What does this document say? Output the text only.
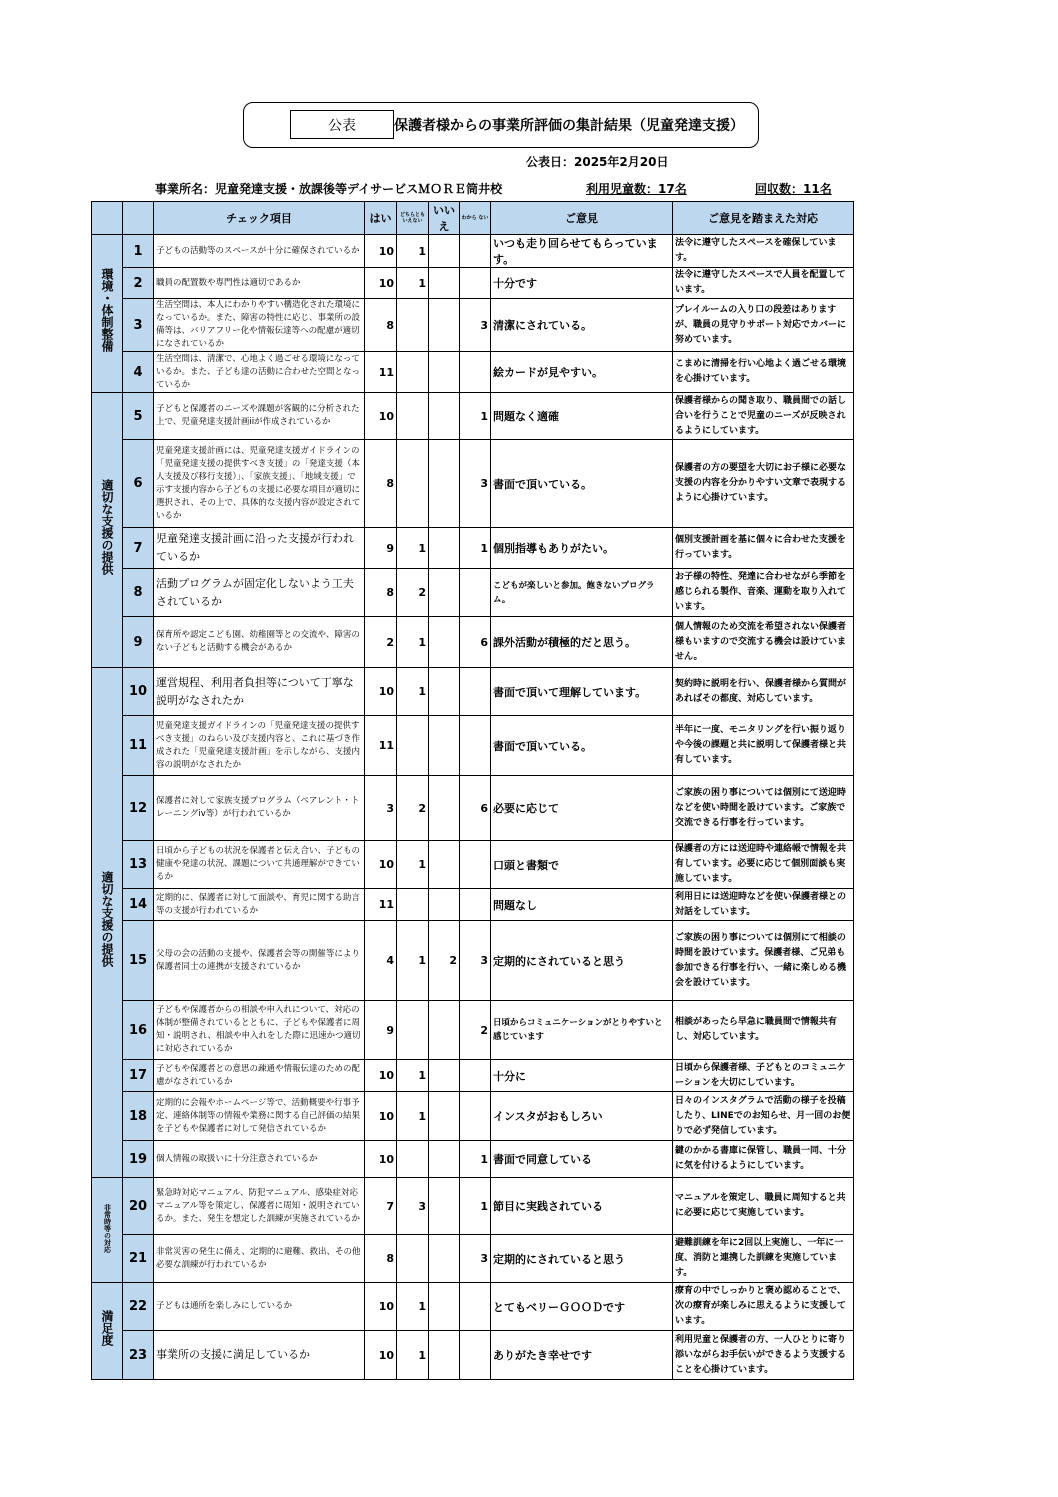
公表	保護者様からの事業所評価の集計結果（児童発達支援）
公表日：2025年2月20日
事業所名：児童発達支援・放課後等デイサービスＭＯＲＥ筒井校	利用児童数：17名	回収数：11名
		チェック項目	はい	どちらとも いえない	いいえ	わから ない	ご意見	ご意見を踏まえた対応
環境・体制整備	1	子どもの活動等のスペースが十分に確保されているか	10	1			いつも走り回らせてもらっています。	法令に遵守したスペースを確保しています。
	2	職員の配置数や専門性は適切であるか	10	1			十分です	法令に遵守したスペースで人員を配置しています。
	3	生活空間は、本人にわかりやすい構造化された環境になっているか。また、障害の特性に応じ、事業所の設備等は、バリアフリー化や情報伝達等への配慮が適切になされているか	8			3	清潔にされている。	プレイルームの入り口の段差はありますが、職員の見守りサポート対応でカバーに努めています。
	4	生活空間は、清潔で、心地よく過ごせる環境になっているか。また、子ども達の活動に合わせた空間となっているか	11				絵カードが見やすい。	こまめに清掃を行い心地よく過ごせる環境を心掛けています。
適切な支援の提供	5	子どもと保護者のニーズや課題が客観的に分析された上で、児童発達支援計画iiが作成されているか	10			1	問題なく適確	保護者様からの聞き取り、職員間での話し合いを行うことで児童のニーズが反映されるようにしています。
	6	児童発達支援計画には、児童発達支援ガイドラインの「児童発達支援の提供すべき支援」の「発達支援（本人支援及び移行支援）」、「家族支援」、「地域支援」で示す支援内容から子どもの支援に必要な項目が適切に選択され、その上で、具体的な支援内容が設定されているか	8			3	書面で頂いている。	保護者の方の要望を大切にお子様に必要な支援の内容を分かりやすい文章で表現するように心掛けています。
	7	児童発達支援計画に沿った支援が行われているか	9	1		1	個別指導もありがたい。	個別支援計画を基に個々に合わせた支援を行っています。
	8	活動プログラムが固定化しないよう工夫されているか	8	2			こどもが楽しいと参加。飽きないプログラム。	お子様の特性、発達に合わせながら季節を感じられる製作、音楽、運動を取り入れています。
	9	保育所や認定こども園、幼稚園等との交流や、障害のない子どもと活動する機会があるか	2	1		6	課外活動が積極的だと思う。	個人情報のため交流を希望されない保護者様もいますので交流する機会は設けていません。
適切な支援の提供	10	運営規程、利用者負担等について丁寧な説明がなされたか	10	1			書面で頂いて理解しています。	契約時に説明を行い、保護者様から質問があればその都度、対応しています。
	11	児童発達支援ガイドラインの「児童発達支援の提供すべき支援」のねらい及び支援内容と、これに基づき作成された「児童発達支援計画」を示しながら、支援内容の説明がなされたか	11				書面で頂いている。	半年に一度、モニタリングを行い振り返りや今後の課題と共に説明して保護者様と共有しています。
	12	保護者に対して家族支援プログラム（ペアレント・トレーニングiv等）が行われているか	3	2		6	必要に応じて	ご家族の困り事については個別にて送迎時などを使い時間を設けています。ご家族で交流できる行事を行っています。
	13	日頃から子どもの状況を保護者と伝え合い、子どもの健康や発達の状況、課題について共通理解ができているか	10	1			口頭と書類で	保護者の方には送迎時や連絡帳で情報を共有しています。必要に応じて個別面談も実施しています。
	14	定期的に、保護者に対して面談や、育児に関する助言等の支援が行われているか	11				問題なし	利用日には送迎時などを使い保護者様との対話をしています。
	15	父母の会の活動の支援や、保護者会等の開催等により保護者同士の連携が支援されているか	4	1	2	3	定期的にされていると思う	ご家族の困り事については個別にて相談の時間を設けています。保護者様、ご兄弟も参加できる行事を行い、一緒に楽しめる機会を設けています。
	16	子どもや保護者からの相談や申入れについて、対応の体制が整備されているとともに、子どもや保護者に周知・説明され、相談や申入れをした際に迅速かつ適切に対応されているか	9			2	日頃からコミュニケーションがとりやすいと感じています	相談があったら早急に職員間で情報共有し、対応しています。
	17	子どもや保護者との意思の疎通や情報伝達のための配慮がなされているか	10	1			十分に	日頃から保護者様、子どもとのコミュニケーションを大切にしています。
	18	定期的に会報やホームページ等で、活動概要や行事予定、連絡体制等の情報や業務に関する自己評価の結果を子どもや保護者に対して発信されているか	10	1			インスタがおもしろい	日々のインスタグラムで活動の様子を投稿したり、LINEでのお知らせ、月一回のお便りで必ず発信しています。
	19	個人情報の取扱いに十分注意されているか	10			1	書面で同意している	鍵のかかる書庫に保管し、職員一同、十分に気を付けるようにしています。
非常時等の対応	20	緊急時対応マニュアル、防犯マニュアル、感染症対応マニュアル等を策定し、保護者に周知・説明されているか。また、発生を想定した訓練が実施されているか	7	3		1	節目に実践されている	マニュアルを策定し、職員に周知すると共に必要に応じて実施しています。
	21	非常災害の発生に備え、定期的に避難、救出、その他必要な訓練が行われているか	8			3	定期的にされていると思う	避難訓練を年に2回以上実施し、一年に一度、消防と連携した訓練を実施しています。
満足度	22	子どもは通所を楽しみにしているか	10	1			とてもベリーＧＯＯＤです	療育の中でしっかりと褒め認めることで、次の療育が楽しみに思えるように支援しています。
	23	事業所の支援に満足しているか	10	1			ありがたき幸せです	利用児童と保護者の方、一人ひとりに寄り添いながらお手伝いができるよう支援することを心掛けています。
